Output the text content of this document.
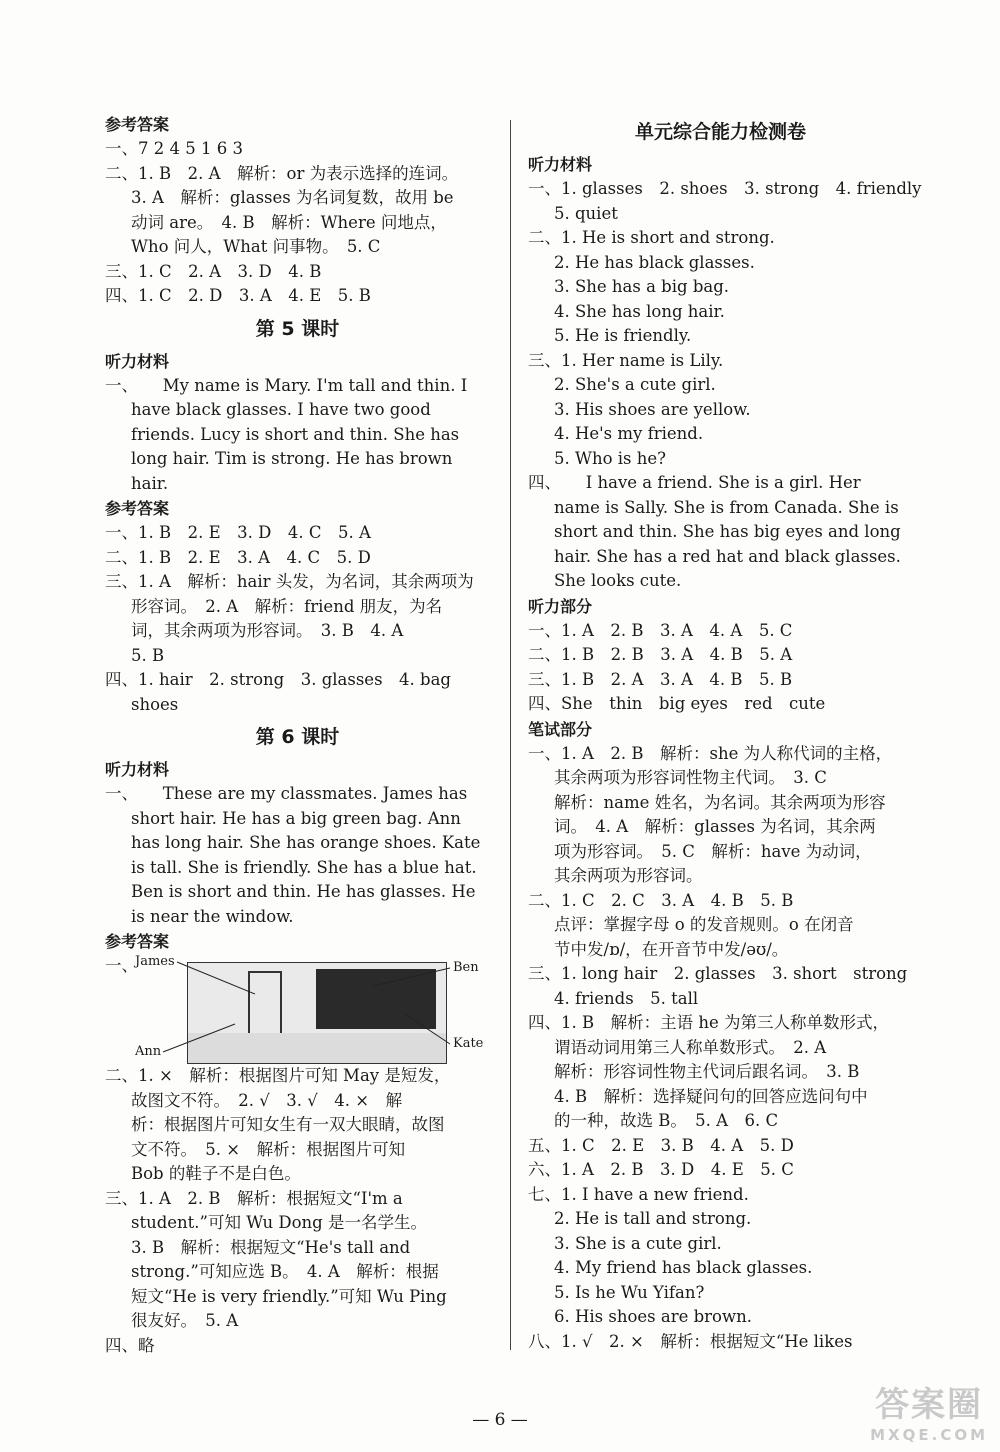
参考答案
一、7 2 4 5 1 6 3
二、1. B　2. A　解析：or 为表示选择的连词。
3. A　解析：glasses 为名词复数，故用 be
动词 are。　4. B　解析：Where 问地点，
Who 问人，What 问事物。　5. C
三、1. C　2. A　3. D　4. B
四、1. C　2. D　3. A　4. E　5. B
第 5 课时
听力材料
一、　　My name is Mary. I'm tall and thin. I
have black glasses. I have two good
friends. Lucy is short and thin. She has
long hair. Tim is strong. He has brown
hair.
参考答案
一、1. B　2. E　3. D　4. C　5. A
二、1. B　2. E　3. A　4. C　5. D
三、1. A　解析：hair 头发，为名词，其余两项为
形容词。　2. A　解析：friend 朋友，为名
词，其余两项为形容词。　3. B　4. A
5. B
四、1. hair　2. strong　3. glasses　4. bag
shoes
第 6 课时
听力材料
一、　　These are my classmates. James has
short hair. He has a big green bag. Ann
has long hair. She has orange shoes. Kate
is tall. She is friendly. She has a blue hat.
Ben is short and thin. He has glasses. He
is near the window.
参考答案
一、
James	Ben
Ann
Kate
二、1. ×　解析：根据图片可知 May 是短发，
故图文不符。　2. √　3. √　4. ×　解
析：根据图片可知女生有一双大眼睛，故图
文不符。　5. ×　解析：根据图片可知
Bob 的鞋子不是白色。
三、1. A　2. B　解析：根据短文“I'm a
student.”可知 Wu Dong 是一名学生。
3. B　解析：根据短文“He's tall and
strong.”可知应选 B。　4. A　解析：根据
短文“He is very friendly.”可知 Wu Ping
很友好。　5. A
四、略
单元综合能力检测卷
听力材料
一、1. glasses　2. shoes　3. strong　4. friendly
5. quiet
二、1. He is short and strong.
2. He has black glasses.
3. She has a big bag.
4. She has long hair.
5. He is friendly.
三、1. Her name is Lily.
2. She's a cute girl.
3. His shoes are yellow.
4. He's my friend.
5. Who is he?
四、　　I have a friend. She is a girl. Her
name is Sally. She is from Canada. She is
short and thin. She has big eyes and long
hair. She has a red hat and black glasses.
She looks cute.
听力部分
一、1. A　2. B　3. A　4. A　5. C
二、1. B　2. B　3. A　4. B　5. A
三、1. B　2. A　3. A　4. B　5. B
四、She　thin　big eyes　red　cute
笔试部分
一、1. A　2. B　解析：she 为人称代词的主格，
其余两项为形容词性物主代词。　3. C
解析：name 姓名，为名词。其余两项为形容
词。　4. A　解析：glasses 为名词，其余两
项为形容词。　5. C　解析：have 为动词，
其余两项为形容词。
二、1. C　2. C　3. A　4. B　5. B
点评：掌握字母 o 的发音规则。o 在闭音
节中发/ɒ/，在开音节中发/əʊ/。
三、1. long hair　2. glasses　3. short　strong
4. friends　5. tall
四、1. B　解析：主语 he 为第三人称单数形式，
谓语动词用第三人称单数形式。　2. A
解析：形容词性物主代词后跟名词。　3. B
4. B　解析：选择疑问句的回答应选问句中
的一种，故选 B。　5. A　6. C
五、1. C　2. E　3. B　4. A　5. D
六、1. A　2. B　3. D　4. E　5. C
七、1. I have a new friend.
2. He is tall and strong.
3. She is a cute girl.
4. My friend has black glasses.
5. Is he Wu Yifan?
6. His shoes are brown.
八、1. √　2. ×　解析：根据短文“He likes
— 6 —	答案圈
MXQE.COM
